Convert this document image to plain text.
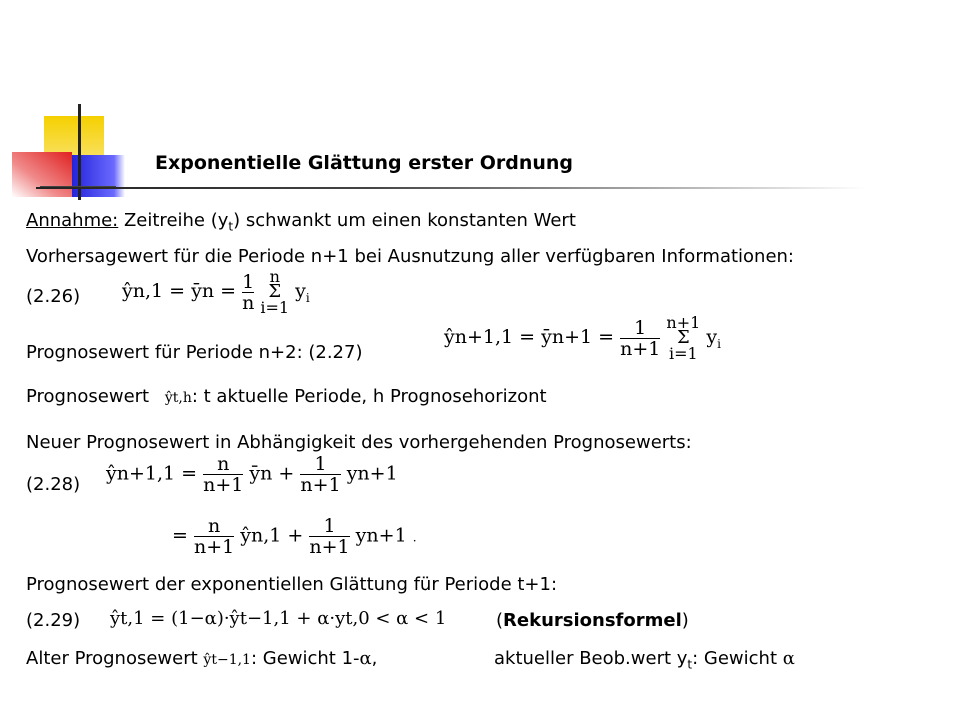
Exponentielle Glättung erster Ordnung
Annahme: Zeitreihe $(y_t)$ schwankt um einen konstanten Wert
Vorhersagewert für die Periode n+1 bei Ausnutzung aller verfügbaren Informationen:
(2.26) ŷn,1 = ȳn = $\frac{1}{n}$
n
Σ
i=1
$y_i$
Prognosewert für Periode n+2: (2.27)
ŷn+1,1 = ȳn+1 = $\frac{1}{n+1}$
n+1
Σ
i=1
$y_i$
Prognosewert ŷt,h: t aktuelle Periode, h Prognosehorizont
Neuer Prognosewert in Abhängigkeit des vorhergehenden Prognosewerts:
(2.28) ŷn+1,1 = $\frac{n}{n+1}$ ȳn + $\frac{1}{n+1} yn+1$
= $\frac{n}{n+1}$ ŷn,1 + $\frac{1}{n+1} yn+1$ .
Prognosewert der exponentiellen Glättung für Periode t+1:
(2.29) ŷt,1 = (1−α)·ŷt−1,1 + α·yt,0 < α < 1	(Rekursionsformel)
Alter Prognosewert ŷt−1,1: Gewicht 1-α,	aktueller Beob.wert $y_t$: Gewicht α
